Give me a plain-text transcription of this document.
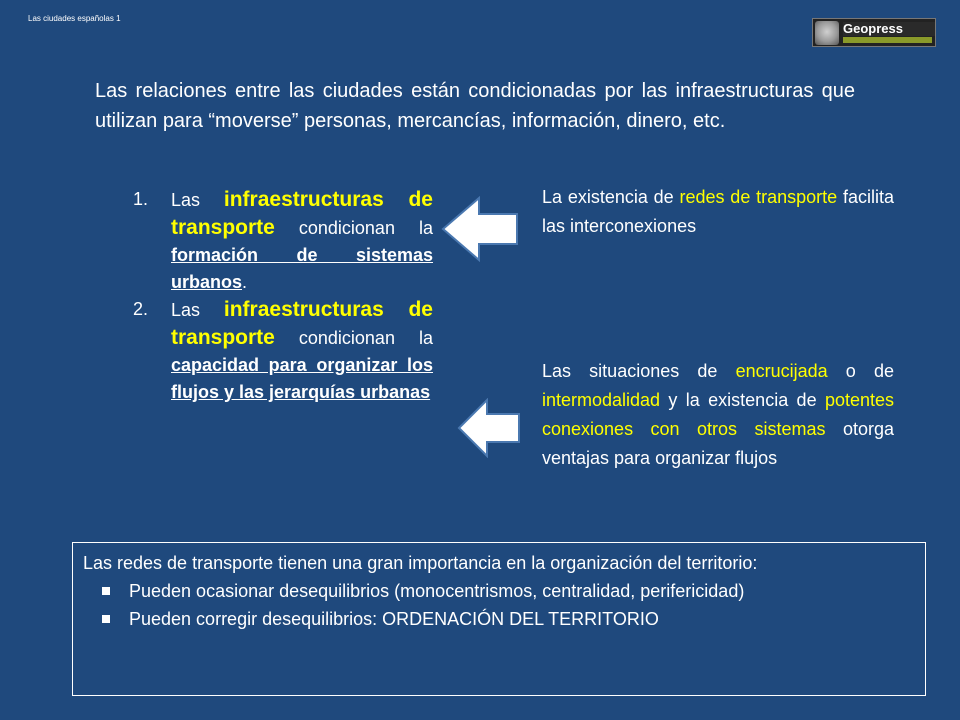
Las ciudades españolas 1
Geopress
Las relaciones entre las ciudades están condicionadas por las infraestructuras que utilizan para “moverse” personas, mercancías, información, dinero, etc.
1.	Las infraestructuras de transporte condicionan la formación de sistemas urbanos.
2.	Las infraestructuras de transporte condicionan la capacidad para organizar los flujos y las jerarquías urbanas
La existencia de redes de transporte facilita las interconexiones
Las situaciones de encrucijada o de intermodalidad y la existencia de potentes conexiones con otros sistemas otorga ventajas para organizar flujos
Las redes de transporte tienen una gran importancia en la organización del territorio:
Pueden ocasionar desequilibrios (monocentrismos, centralidad, perifericidad)
Pueden corregir desequilibrios: ORDENACIÓN DEL TERRITORIO
